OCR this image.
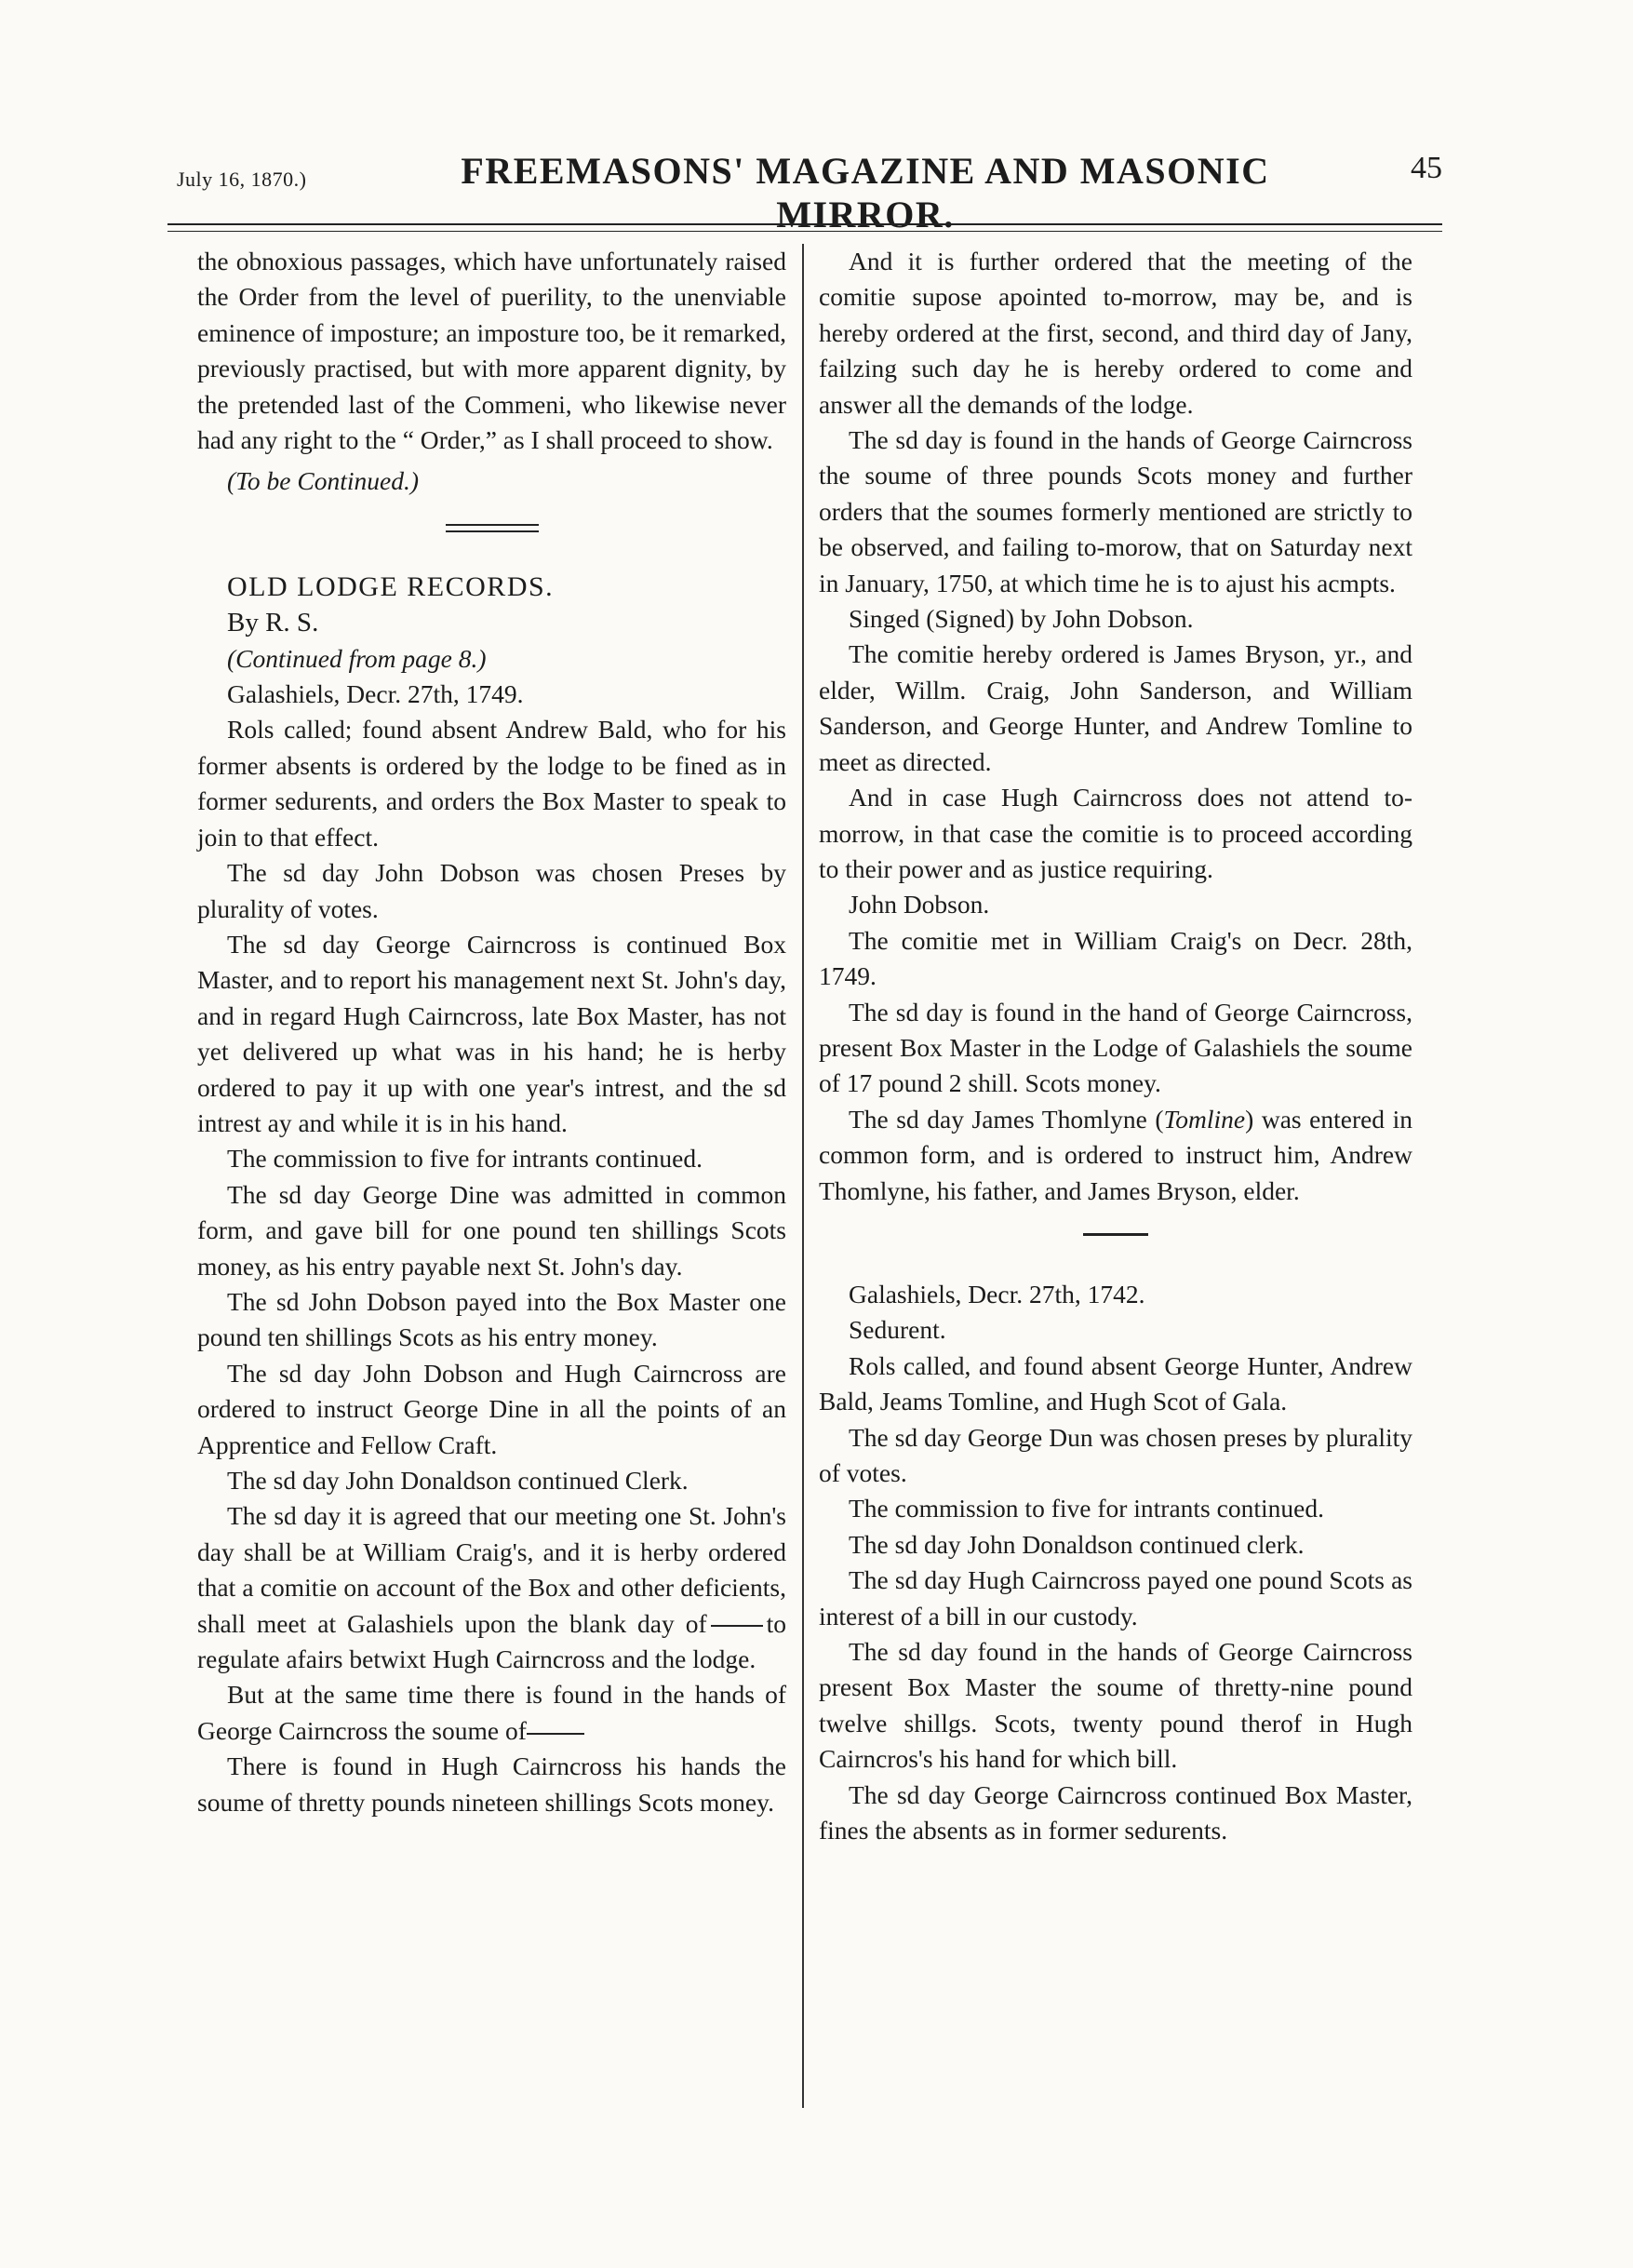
July 16, 1870.)	FREEMASONS' MAGAZINE AND MASONIC MIRROR.
45

the obnoxious passages, which have unfortunately raised the Order from the level of puerility, to the unenviable eminence of imposture; an imposture too, be it remarked, previously practised, but with more apparent dignity, by the pretended last of the Commeni, who likewise never had any right to the “ Order,” as I shall proceed to show.

(To be Continued.)

OLD LODGE RECORDS.

By R. S.

(Continued from page 8.)

Galashiels, Decr. 27th, 1749.

Rols called; found absent Andrew Bald, who for his former absents is ordered by the lodge to be fined as in former sedurents, and orders the Box Master to speak to join to that effect.

The sd day John Dobson was chosen Preses by plurality of votes.

The sd day George Cairncross is continued Box Master, and to report his management next St. John's day, and in regard Hugh Cairncross, late Box Master, has not yet delivered up what was in his hand; he is herby ordered to pay it up with one year's intrest, and the sd intrest ay and while it is in his hand.

The commission to five for intrants continued.

The sd day George Dine was admitted in common form, and gave bill for one pound ten shillings Scots money, as his entry payable next St. John's day.

The sd John Dobson payed into the Box Master one pound ten shillings Scots as his entry money.

The sd day John Dobson and Hugh Cairncross are ordered to instruct George Dine in all the points of an Apprentice and Fellow Craft.

The sd day John Donaldson continued Clerk.

The sd day it is agreed that our meeting one St. John's day shall be at William Craig's, and it is herby ordered that a comitie on account of the Box and other deficients, shall meet at Galashiels upon the blank day of to regulate afairs betwixt Hugh Cairncross and the lodge.

But at the same time there is found in the hands of George Cairncross the soume of

There is found in Hugh Cairncross his hands the soume of thretty pounds nineteen shillings Scots money.

And it is further ordered that the meeting of the comitie supose apointed to-morrow, may be, and is hereby ordered at the first, second, and third day of Jany, failzing such day he is hereby ordered to come and answer all the demands of the lodge.

The sd day is found in the hands of George Cairncross the soume of three pounds Scots money and further orders that the soumes formerly mentioned are strictly to be observed, and failing to-morow, that on Saturday next in January, 1750, at which time he is to ajust his acmpts.

Singed (Signed) by John Dobson.

The comitie hereby ordered is James Bryson, yr., and elder, Willm. Craig, John Sanderson, and William Sanderson, and George Hunter, and Andrew Tomline to meet as directed.

And in case Hugh Cairncross does not attend to-morrow, in that case the comitie is to proceed according to their power and as justice requiring.

John Dobson.

The comitie met in William Craig's on Decr. 28th, 1749.

The sd day is found in the hand of George Cairncross, present Box Master in the Lodge of Galashiels the soume of 17 pound 2 shill. Scots money.

The sd day James Thomlyne (Tomline) was entered in common form, and is ordered to instruct him, Andrew Thomlyne, his father, and James Bryson, elder.

Galashiels, Decr. 27th, 1742.

Sedurent.

Rols called, and found absent George Hunter, Andrew Bald, Jeams Tomline, and Hugh Scot of Gala.

The sd day George Dun was chosen preses by plurality of votes.

The commission to five for intrants continued.

The sd day John Donaldson continued clerk.

The sd day Hugh Cairncross payed one pound Scots as interest of a bill in our custody.

The sd day found in the hands of George Cairncross present Box Master the soume of thretty-nine pound twelve shillgs. Scots, twenty pound therof in Hugh Cairncros's his hand for which bill.

The sd day George Cairncross continued Box Master, fines the absents as in former sedurents.
